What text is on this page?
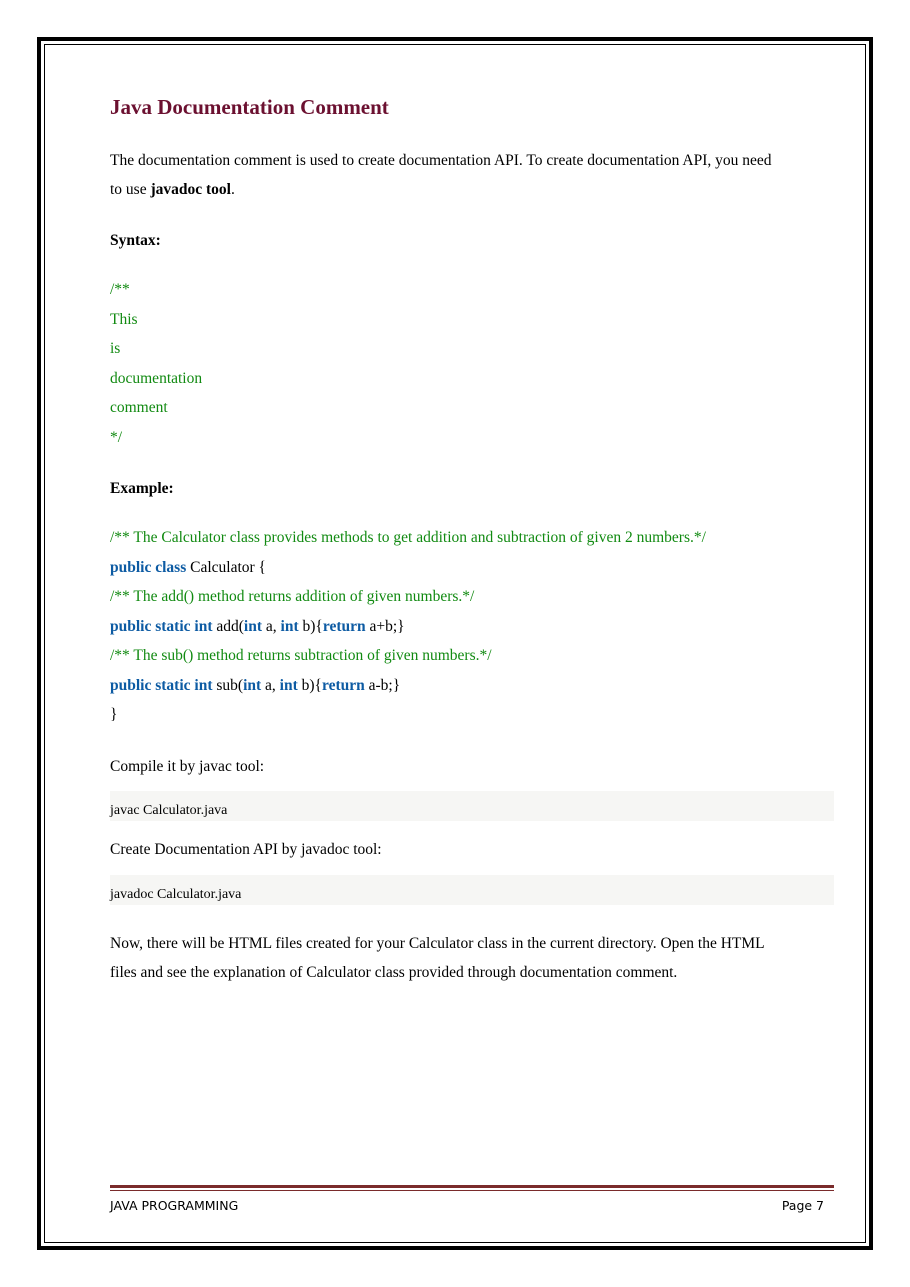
Java Documentation Comment

The documentation comment is used to create documentation API. To create documentation API, you need
to use javadoc tool.

Syntax:

/**
This
is
documentation
comment
*/

Example:

/** The Calculator class provides methods to get addition and subtraction of given 2 numbers.*/
public class Calculator {
/** The add() method returns addition of given numbers.*/
public static int add(int a, int b){return a+b;}
/** The sub() method returns subtraction of given numbers.*/
public static int sub(int a, int b){return a-b;}
}

Compile it by javac tool:

javac Calculator.java

Create Documentation API by javadoc tool:

javadoc Calculator.java

Now, there will be HTML files created for your Calculator class in the current directory. Open the HTML
files and see the explanation of Calculator class provided through documentation comment.

JAVA PROGRAMMING	Page 7
